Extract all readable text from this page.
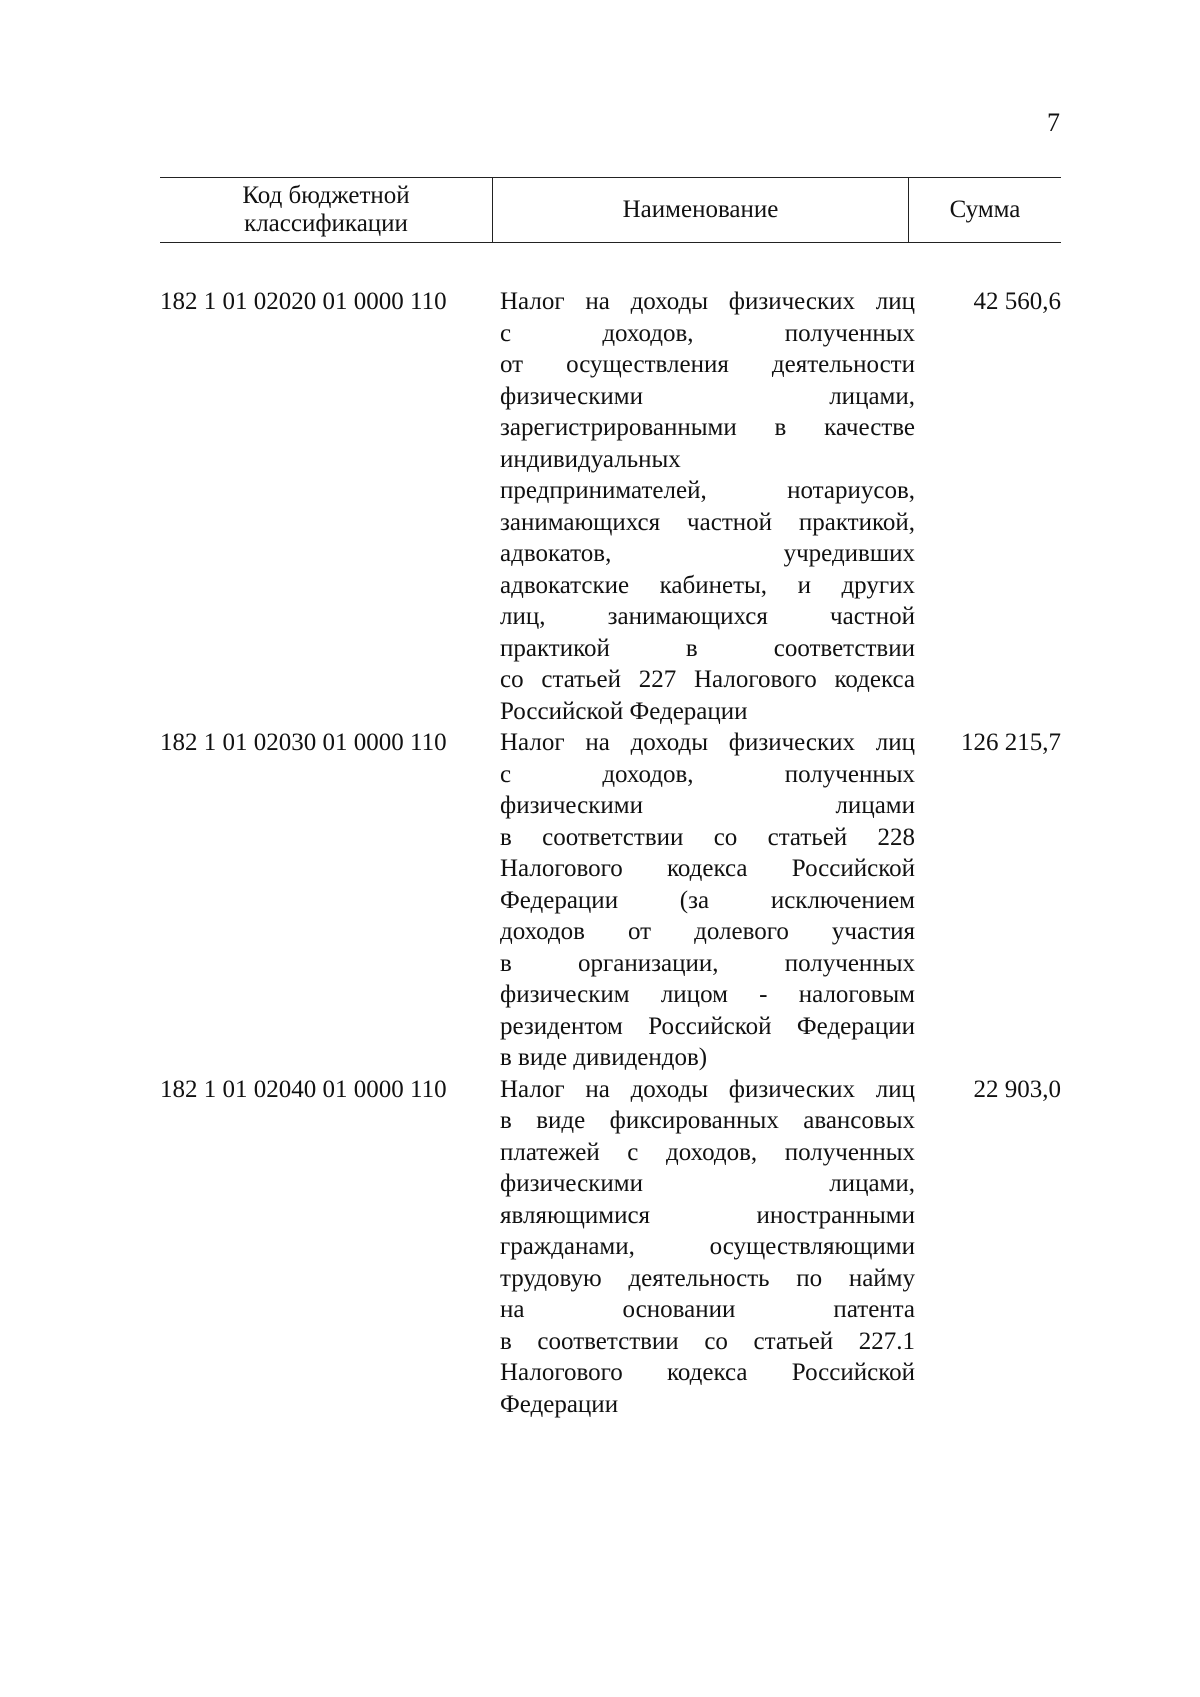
7
Код бюджетной
классификации
Наименование	Сумма
182 1 01 02020 01 0000 110 Налог на доходы физических лиц
с доходов, полученных
от осуществления деятельности
физическими лицами,
зарегистрированными в качестве
индивидуальных
предпринимателей, нотариусов,
занимающихся частной практикой,
адвокатов, учредивших
адвокатские кабинеты, и других
лиц, занимающихся частной
практикой в соответствии
со статьей 227 Налогового кодекса
Российской Федерации
42 560,6
182 1 01 02030 01 0000 110 Налог на доходы физических лиц
с доходов, полученных
физическими лицами
в соответствии со статьей 228
Налогового кодекса Российской
Федерации (за исключением
доходов от долевого участия
в организации, полученных
физическим лицом - налоговым
резидентом Российской Федерации
в виде дивидендов)
126 215,7
182 1 01 02040 01 0000 110 Налог на доходы физических лиц
в виде фиксированных авансовых
платежей с доходов, полученных
физическими лицами,
являющимися иностранными
гражданами, осуществляющими
трудовую деятельность по найму
на основании патента
в соответствии со статьей 227.1
Налогового кодекса Российской
Федерации
22 903,0
